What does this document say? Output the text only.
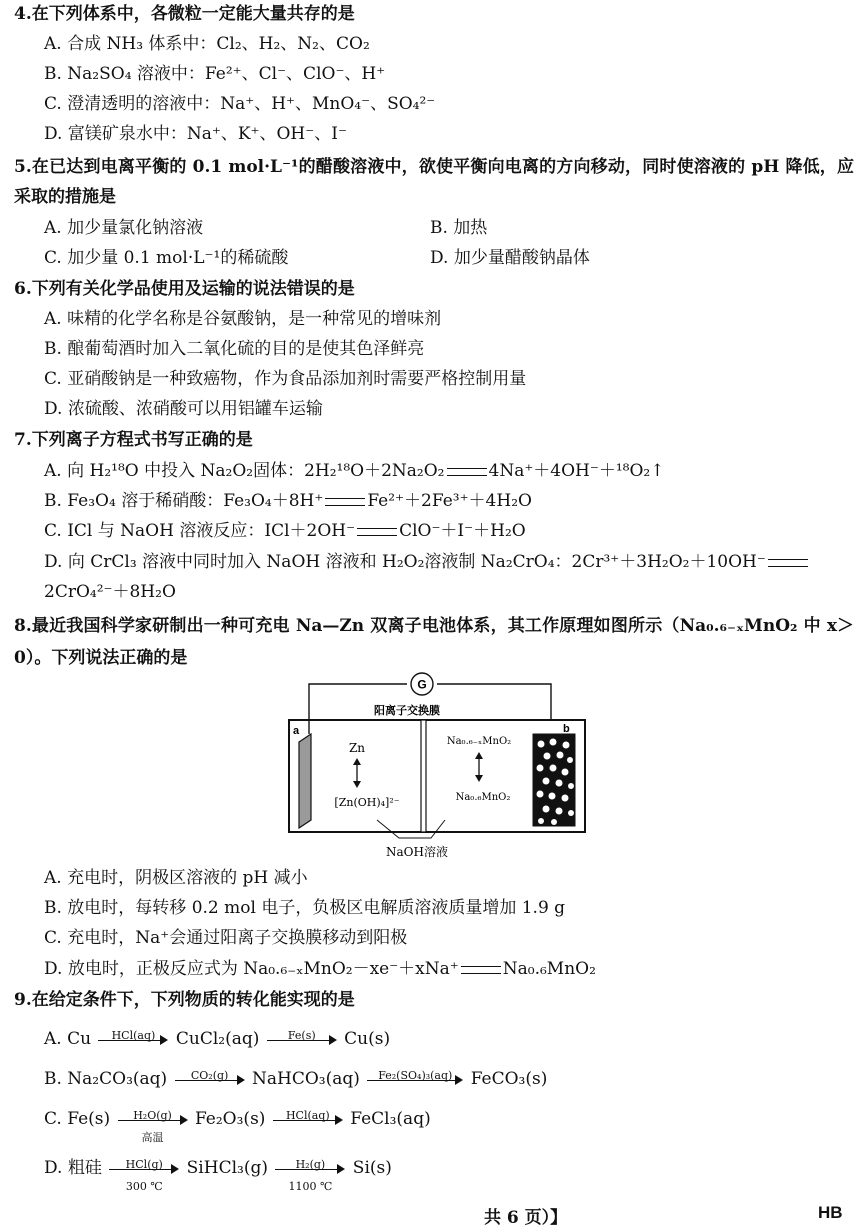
4.在下列体系中，各微粒一定能大量共存的是
A. 合成 NH₃ 体系中：Cl₂、H₂、N₂、CO₂
B. Na₂SO₄ 溶液中：Fe²⁺、Cl⁻、ClO⁻、H⁺
C. 澄清透明的溶液中：Na⁺、H⁺、MnO₄⁻、SO₄²⁻
D. 富镁矿泉水中：Na⁺、K⁺、OH⁻、I⁻
5.在已达到电离平衡的 0.1 mol·L⁻¹的醋酸溶液中，欲使平衡向电离的方向移动，同时使溶液的 pH 降低，应采取的措施是
A. 加少量氯化钠溶液	B. 加热
C. 加少量 0.1 mol·L⁻¹的稀硫酸	D. 加少量醋酸钠晶体
6.下列有关化学品使用及运输的说法错误的是
A. 味精的化学名称是谷氨酸钠，是一种常见的增味剂
B. 酿葡萄酒时加入二氧化硫的目的是使其色泽鲜亮
C. 亚硝酸钠是一种致癌物，作为食品添加剂时需要严格控制用量
D. 浓硫酸、浓硝酸可以用铝罐车运输
7.下列离子方程式书写正确的是
A. 向 H₂¹⁸O 中投入 Na₂O₂固体：2H₂¹⁸O＋2Na₂O₂	4Na⁺＋4OH⁻＋¹⁸O₂↑
B. Fe₃O₄ 溶于稀硝酸：Fe₃O₄＋8H⁺	Fe²⁺＋2Fe³⁺＋4H₂O
C. ICl 与 NaOH 溶液反应：ICl＋2OH⁻	ClO⁻＋I⁻＋H₂O
D. 向 CrCl₃ 溶液中同时加入 NaOH 溶液和 H₂O₂溶液制 Na₂CrO₄：2Cr³⁺＋3H₂O₂＋10OH⁻
2CrO₄²⁻＋8H₂O
8.最近我国科学家研制出一种可充电 Na—Zn 双离子电池体系，其工作原理如图所示（Na₀.₆₋ₓMnO₂ 中 x＞0）。下列说法正确的是
G
阳离子交换膜
a	b
Zn
[Zn(OH)₄]²⁻
Na₀.₆₋ₓMnO₂
Na₀.₆MnO₂
NaOH溶液
A. 充电时，阴极区溶液的 pH 减小
B. 放电时，每转移 0.2 mol 电子，负极区电解质溶液质量增加 1.9 g
C. 充电时，Na⁺会通过阳离子交换膜移动到阳极
D. 放电时，正极反应式为 Na₀.₆₋ₓMnO₂－xe⁻＋xNa⁺	Na₀.₆MnO₂
9.在给定条件下，下列物质的转化能实现的是
A. Cu	HCl(aq)	CuCl₂(aq)	Fe(s)	Cu(s)
B. Na₂CO₃(aq)	CO₂(g)	NaHCO₃(aq)	Fe₂(SO₄)₃(aq)	FeCO₃(s)
C. Fe(s)	H₂O(g)
高温
Fe₂O₃(s)	HCl(aq)	FeCl₃(aq)
D. 粗硅	HCl(g)
300 ℃
SiHCl₃(g) $\frac{\text{H₂(g)}}{1100 ℃} Si(s)$
共 6 页）】	HB
